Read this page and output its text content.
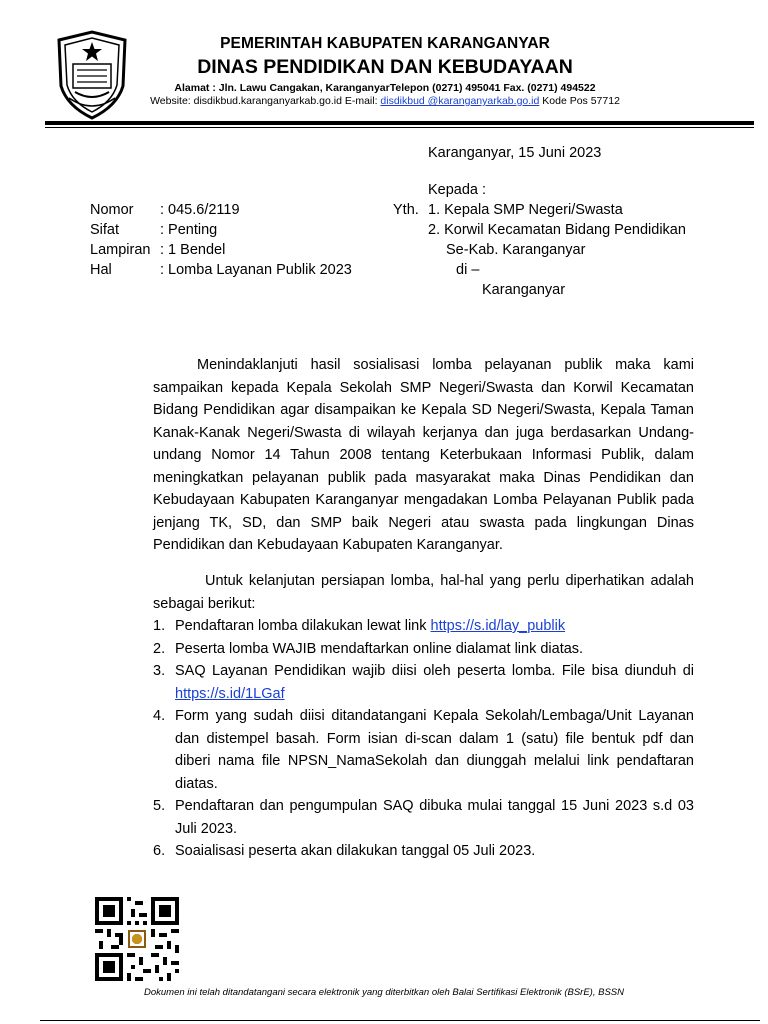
PEMERINTAH KABUPATEN KARANGANYAR
DINAS PENDIDIKAN DAN KEBUDAYAAN
Alamat : Jln. Lawu Cangakan, KaranganyarTelepon (0271) 495041 Fax. (0271) 494522
Website: disdikbud.karanganyarkab.go.id E-mail: disdikbud @karanganyarkab.go.id Kode Pos 57712
Karanganyar, 15 Juni 2023
Kepada :
Yth. 1. Kepala SMP Negeri/Swasta
2. Korwil Kecamatan Bidang Pendidikan
Se-Kab. Karanganyar
di –
Karanganyar
Nomor : 045.6/2119
Sifat	: Penting
Lampiran : 1 Bendel
Hal	: Lomba Layanan Publik 2023
Menindaklanjuti hasil sosialisasi lomba pelayanan publik maka kami sampaikan kepada Kepala Sekolah SMP Negeri/Swasta dan Korwil Kecamatan Bidang Pendidikan agar disampaikan ke Kepala SD Negeri/Swasta, Kepala Taman Kanak-Kanak Negeri/Swasta di wilayah kerjanya dan juga berdasarkan Undang-undang Nomor 14 Tahun 2008 tentang Keterbukaan Informasi Publik, dalam meningkatkan pelayanan publik pada masyarakat maka Dinas Pendidikan dan Kebudayaan Kabupaten Karanganyar mengadakan Lomba Pelayanan Publik pada jenjang TK, SD, dan SMP baik Negeri atau swasta pada lingkungan Dinas Pendidikan dan Kebudayaan Kabupaten Karanganyar.
Untuk kelanjutan persiapan lomba, hal-hal yang perlu diperhatikan adalah sebagai berikut:
1. Pendaftaran lomba dilakukan lewat link https://s.id/lay_publik
2. Peserta lomba WAJIB mendaftarkan online dialamat link diatas.
3. SAQ Layanan Pendidikan wajib diisi oleh peserta lomba. File bisa diunduh di https://s.id/1LGaf
4. Form yang sudah diisi ditandatangani Kepala Sekolah/Lembaga/Unit Layanan dan distempel basah. Form isian di-scan dalam 1 (satu) file bentuk pdf dan diberi nama file NPSN_NamaSekolah dan diunggah melalui link pendaftaran diatas.
5. Pendaftaran dan pengumpulan SAQ dibuka mulai tanggal 15 Juni 2023 s.d 03 Juli 2023.
6. Soaialisasi peserta akan dilakukan tanggal 05 Juli 2023.
Dokumen ini telah ditandatangani secara elektronik yang diterbitkan oleh Balai Sertifikasi Elektronik (BSrE), BSSN
